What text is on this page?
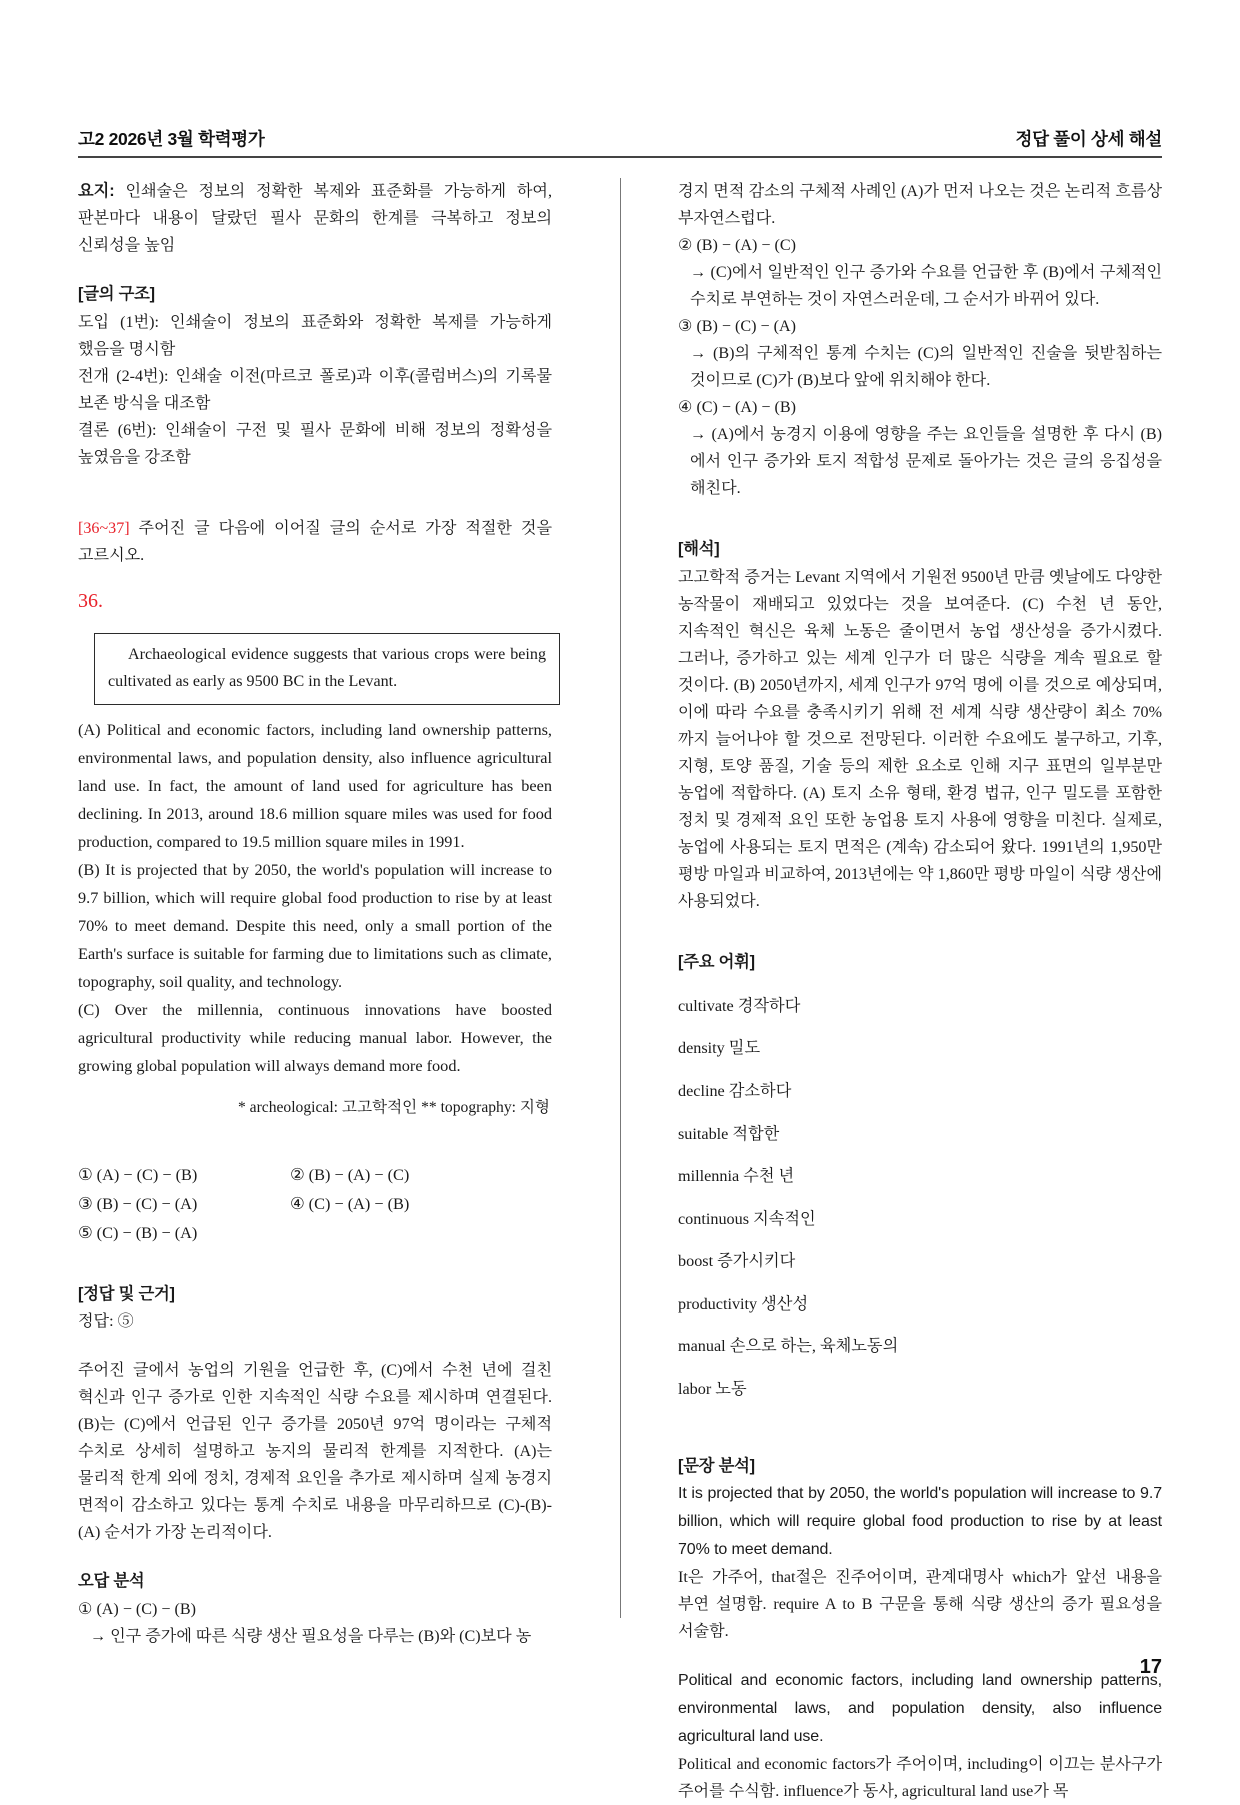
고2 2026년 3월 학력평가	정답 풀이 상세 해설

요지: 인쇄술은 정보의 정확한 복제와 표준화를 가능하게 하여, 판본마다 내용이 달랐던 필사 문화의 한계를 극복하고 정보의 신뢰성을 높임

[글의 구조]

도입 (1번): 인쇄술이 정보의 표준화와 정확한 복제를 가능하게 했음을 명시함

전개 (2-4번): 인쇄술 이전(마르코 폴로)과 이후(콜럼버스)의 기록물 보존 방식을 대조함

결론 (6번): 인쇄술이 구전 및 필사 문화에 비해 정보의 정확성을 높였음을 강조함

[36~37] 주어진 글 다음에 이어질 글의 순서로 가장 적절한 것을 고르시오.

36.

Archaeological evidence suggests that various crops were being cultivated as early as 9500 BC in the Levant.

(A) Political and economic factors, including land ownership patterns, environmental laws, and population density, also influence agricultural land use. In fact, the amount of land used for agriculture has been declining. In 2013, around 18.6 million square miles was used for food production, compared to 19.5 million square miles in 1991.

(B) It is projected that by 2050, the world's population will increase to 9.7 billion, which will require global food production to rise by at least 70% to meet demand. Despite this need, only a small portion of the Earth's surface is suitable for farming due to limitations such as climate, topography, soil quality, and technology.

(C) Over the millennia, continuous innovations have boosted agricultural productivity while reducing manual labor. However, the growing global population will always demand more food.

* archeological: 고고학적인 ** topography: 지형

① (A) − (C) − (B)	② (B) − (A) − (C)
③ (B) − (C) − (A)	④ (C) − (A) − (B)
⑤ (C) − (B) − (A)

[정답 및 근거]

정답: ⑤

주어진 글에서 농업의 기원을 언급한 후, (C)에서 수천 년에 걸친 혁신과 인구 증가로 인한 지속적인 식량 수요를 제시하며 연결된다. (B)는 (C)에서 언급된 인구 증가를 2050년 97억 명이라는 구체적 수치로 상세히 설명하고 농지의 물리적 한계를 지적한다. (A)는 물리적 한계 외에 정치, 경제적 요인을 추가로 제시하며 실제 농경지 면적이 감소하고 있다는 통계 수치로 내용을 마무리하므로 (C)-(B)-(A) 순서가 가장 논리적이다.

오답 분석

① (A) − (C) − (B)

→ 인구 증가에 따른 식량 생산 필요성을 다루는 (B)와 (C)보다 농

경지 면적 감소의 구체적 사례인 (A)가 먼저 나오는 것은 논리적 흐름상 부자연스럽다.

② (B) − (A) − (C)

→ (C)에서 일반적인 인구 증가와 수요를 언급한 후 (B)에서 구체적인 수치로 부연하는 것이 자연스러운데, 그 순서가 바뀌어 있다.

③ (B) − (C) − (A)

→ (B)의 구체적인 통계 수치는 (C)의 일반적인 진술을 뒷받침하는 것이므로 (C)가 (B)보다 앞에 위치해야 한다.

④ (C) − (A) − (B)

→ (A)에서 농경지 이용에 영향을 주는 요인들을 설명한 후 다시 (B)에서 인구 증가와 토지 적합성 문제로 돌아가는 것은 글의 응집성을 해친다.

[해석]

고고학적 증거는 Levant 지역에서 기원전 9500년 만큼 옛날에도 다양한 농작물이 재배되고 있었다는 것을 보여준다. (C) 수천 년 동안, 지속적인 혁신은 육체 노동은 줄이면서 농업 생산성을 증가시켰다. 그러나, 증가하고 있는 세계 인구가 더 많은 식량을 계속 필요로 할 것이다. (B) 2050년까지, 세계 인구가 97억 명에 이를 것으로 예상되며, 이에 따라 수요를 충족시키기 위해 전 세계 식량 생산량이 최소 70%까지 늘어나야 할 것으로 전망된다. 이러한 수요에도 불구하고, 기후, 지형, 토양 품질, 기술 등의 제한 요소로 인해 지구 표면의 일부분만 농업에 적합하다. (A) 토지 소유 형태, 환경 법규, 인구 밀도를 포함한 정치 및 경제적 요인 또한 농업용 토지 사용에 영향을 미친다. 실제로, 농업에 사용되는 토지 면적은 (계속) 감소되어 왔다. 1991년의 1,950만 평방 마일과 비교하여, 2013년에는 약 1,860만 평방 마일이 식량 생산에 사용되었다.

[주요 어휘]

cultivate 경작하다

density 밀도

decline 감소하다

suitable 적합한

millennia 수천 년

continuous 지속적인

boost 증가시키다

productivity 생산성

manual 손으로 하는, 육체노동의

labor 노동

[문장 분석]

It is projected that by 2050, the world's population will increase to 9.7 billion, which will require global food production to rise by at least 70% to meet demand.

It은 가주어, that절은 진주어이며, 관계대명사 which가 앞선 내용을 부연 설명함. require A to B 구문을 통해 식량 생산의 증가 필요성을 서술함.

Political and economic factors, including land ownership patterns, environmental laws, and population density, also influence agricultural land use.

Political and economic factors가 주어이며, including이 이끄는 분사구가 주어를 수식함. influence가 동사, agricultural land use가 목

17
